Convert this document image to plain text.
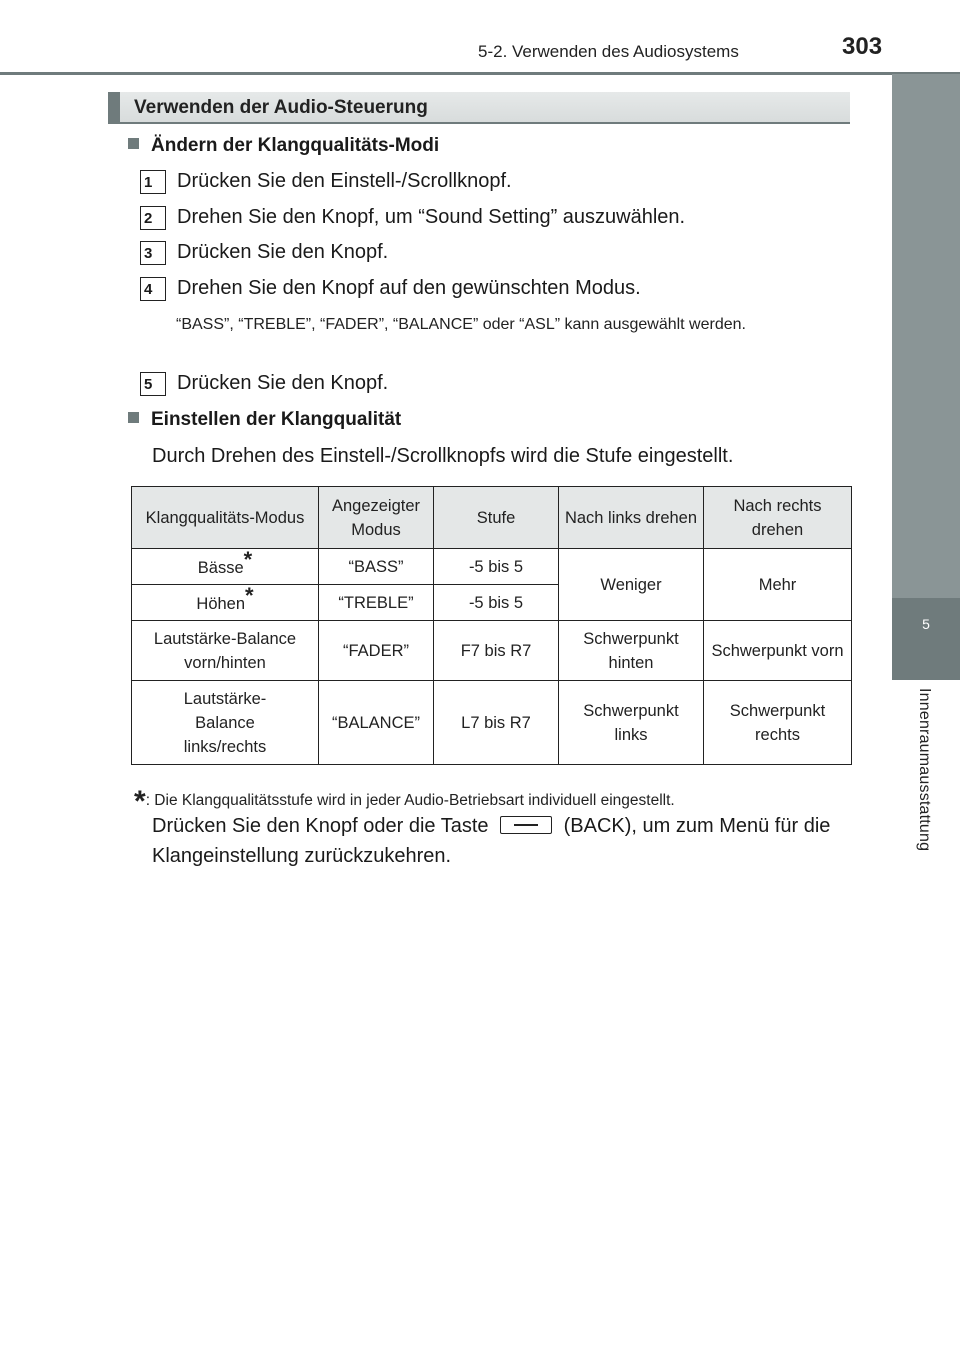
5-2. Verwenden des Audiosystems	303
5
Innenraumausstattung
Verwenden der Audio-Steuerung
Ändern der Klangqualitäts-Modi
1	Drücken Sie den Einstell-/Scrollknopf.
2	Drehen Sie den Knopf, um “Sound Setting” auszuwählen.
3	Drücken Sie den Knopf.
4	Drehen Sie den Knopf auf den gewünschten Modus.
“BASS”, “TREBLE”, “FADER”, “BALANCE” oder “ASL” kann ausgewählt werden.
5	Drücken Sie den Knopf.
Einstellen der Klangqualität
Durch Drehen des Einstell-/Scrollknopfs wird die Stufe eingestellt.
Klangqualitäts-Modus	Angezeigter Modus	Stufe	Nach links drehen	Nach rechts drehen
Bässe*	“BASS”	-5 bis 5	Weniger	Mehr
Höhen*	“TREBLE”	-5 bis 5		
Lautstärke-Balance vorn/hinten	“FADER”	F7 bis R7	Schwerpunkt hinten	Schwerpunkt vorn
Lautstärke-Balance links/rechts	“BALANCE”	L7 bis R7	Schwerpunkt links	Schwerpunkt rechts
*: Die Klangqualitätsstufe wird in jeder Audio-Betriebsart individuell eingestellt.
Drücken Sie den Knopf oder die Taste	(BACK), um zum Menü für die Klangeinstellung zurückzukehren.
